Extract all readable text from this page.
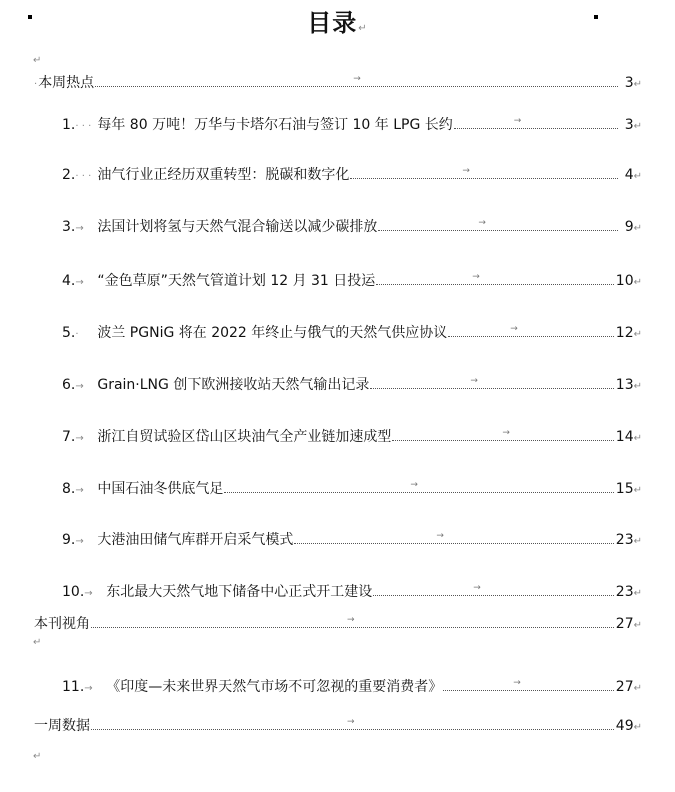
目录↵
↵
· 本周热点	→	3 ↵
1. · · · 每年 80 万吨！万华与卡塔尔石油与签订 10 年 LPG 长约	→	3 ↵
2. · · · 油气行业正经历双重转型：脱碳和数字化	→	4 ↵
3. → 法国计划将氢与天然气混合输送以减少碳排放	→	9 ↵
4. → “金色草原”天然气管道计划 12 月 31 日投运	→	10 ↵
5. ·	波兰 PGNiG 将在 2022 年终止与俄气的天然气供应协议	→	12 ↵
6. → Grain·LNG 创下欧洲接收站天然气输出记录	→	13 ↵
7. → 浙江自贸试验区岱山区块油气全产业链加速成型	→	14 ↵
8. → 中国石油冬供底气足	→	15 ↵
9. → 大港油田储气库群开启采气模式	→	23 ↵
10. → 东北最大天然气地下储备中心正式开工建设	→	23 ↵
本刊视角	→	27 ↵
↵
11. → 《印度—未来世界天然气市场不可忽视的重要消费者》	→	27 ↵
一周数据	→	49 ↵
↵
